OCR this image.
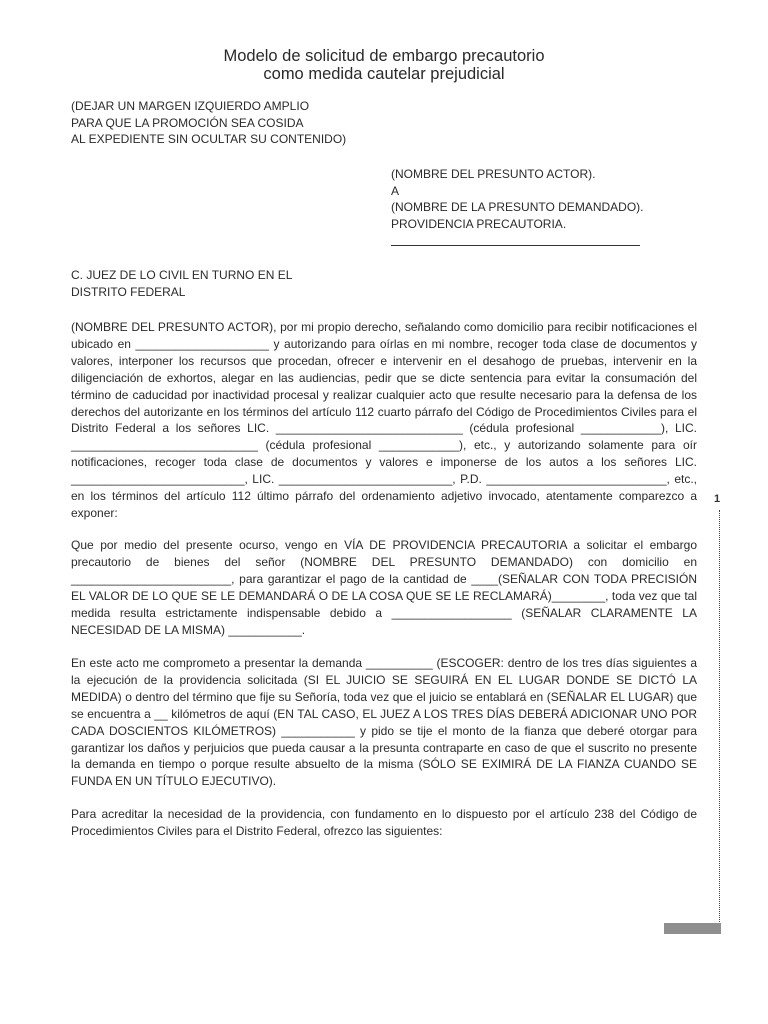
Modelo de solicitud de embargo precautorio
como medida cautelar prejudicial
(DEJAR UN MARGEN IZQUIERDO AMPLIO
PARA QUE LA PROMOCIÓN SEA COSIDA
AL EXPEDIENTE SIN OCULTAR SU CONTENIDO)
(NOMBRE DEL PRESUNTO ACTOR).
A
(NOMBRE DE LA PRESUNTO DEMANDADO).
PROVIDENCIA PRECAUTORIA.
C. JUEZ DE LO CIVIL EN TURNO EN EL
DISTRITO FEDERAL
(NOMBRE DEL PRESUNTO ACTOR), por mi propio derecho, señalando como domicilio para recibir notificaciones el ubicado en ____________________ y autorizando para oírlas en mi nombre, recoger toda clase de documentos y valores, interponer los recursos que procedan, ofrecer e intervenir en el desahogo de pruebas, intervenir en la diligenciación de exhortos, alegar en las audiencias, pedir que se dicte sentencia para evitar la consumación del término de caducidad por inactividad procesal y realizar cualquier acto que resulte necesario para la defensa de los derechos del autorizante en los términos del artículo 112 cuarto párrafo del Código de Procedimientos Civiles para el Distrito Federal a los señores LIC. ____________________________ (cédula profesional ____________), LIC. ____________________________ (cédula profesional ____________), etc., y autorizando solamente para oír notificaciones, recoger toda clase de documentos y valores e imponerse de los autos a los señores LIC. __________________________, LIC. __________________________, P.D. ___________________________, etc., en los términos del artículo 112 último párrafo del ordenamiento adjetivo invocado, atentamente comparezco a exponer:
Que por medio del presente ocurso, vengo en VÍA DE PROVIDENCIA PRECAUTORIA a solicitar el embargo precautorio de bienes del señor (NOMBRE DEL PRESUNTO DEMANDADO) con domicilio en ________________________, para garantizar el pago de la cantidad de ____(SEÑALAR CON TODA PRECISIÓN EL VALOR DE LO QUE SE LE DEMANDARÁ O DE LA COSA QUE SE LE RECLAMARÁ)________, toda vez que tal medida resulta estrictamente indispensable debido a __________________ (SEÑALAR CLARAMENTE LA NECESIDAD DE LA MISMA) ___________.
En este acto me comprometo a presentar la demanda __________ (ESCOGER: dentro de los tres días siguientes a la ejecución de la providencia solicitada (SI EL JUICIO SE SEGUIRÁ EN EL LUGAR DONDE SE DICTÓ LA MEDIDA) o dentro del término que fije su Señoría, toda vez que el juicio se entablará en (SEÑALAR EL LUGAR) que se encuentra a __ kilómetros de aquí (EN TAL CASO, EL JUEZ A LOS TRES DÍAS DEBERÁ ADICIONAR UNO POR CADA DOSCIENTOS KILÓMETROS) ___________ y pido se tije el monto de la fianza que deberé otorgar para garantizar los daños y perjuicios que pueda causar a la presunta contraparte en caso de que el suscrito no presente la demanda en tiempo o porque resulte absuelto de la misma (SÓLO SE EXIMIRÁ DE LA FIANZA CUANDO SE FUNDA EN UN TÍTULO EJECUTIVO).
Para acreditar la necesidad de la providencia, con fundamento en lo dispuesto por el artículo 238 del Código de Procedimientos Civiles para el Distrito Federal, ofrezco las siguientes:
1
